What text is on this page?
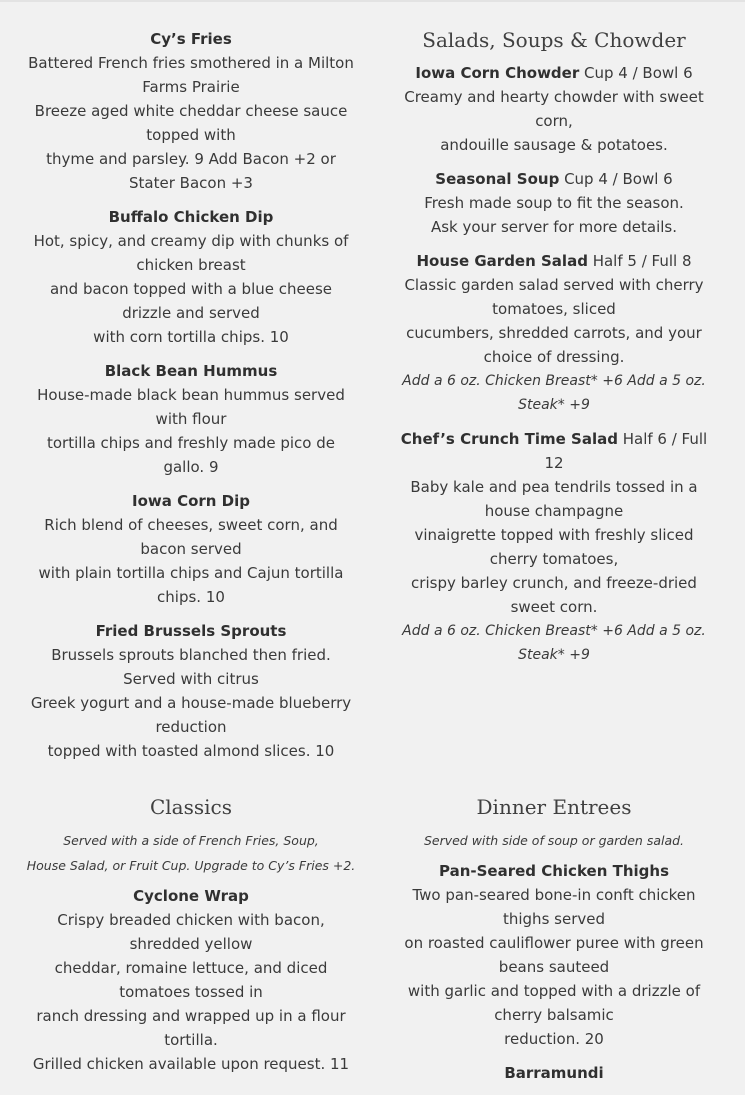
Cy’s Fries

Battered French fries smothered in a Milton Farms Prairie

Breeze aged white cheddar cheese sauce topped with

thyme and parsley. 9 Add Bacon +2 or Stater Bacon +3

Buffalo Chicken Dip

Hot, spicy, and creamy dip with chunks of chicken breast

and bacon topped with a blue cheese drizzle and served

with corn tortilla chips. 10

Black Bean Hummus

House-made black bean hummus served with flour

tortilla chips and freshly made pico de gallo. 9

Iowa Corn Dip

Rich blend of cheeses, sweet corn, and bacon served

with plain tortilla chips and Cajun tortilla chips. 10

Fried Brussels Sprouts

Brussels sprouts blanched then fried. Served with citrus

Greek yogurt and a house-made blueberry reduction

topped with toasted almond slices. 10

Salads, Soups & Chowder

Iowa Corn Chowder Cup 4 / Bowl 6

Creamy and hearty chowder with sweet corn,

andouille sausage & potatoes.

Seasonal Soup Cup 4 / Bowl 6

Fresh made soup to fit the season.

Ask your server for more details.

House Garden Salad Half 5 / Full 8

Classic garden salad served with cherry tomatoes, sliced

cucumbers, shredded carrots, and your choice of dressing.

Add a 6 oz. Chicken Breast* +6 Add a 5 oz. Steak* +9

Chef’s Crunch Time Salad Half 6 / Full 12

Baby kale and pea tendrils tossed in a house champagne

vinaigrette topped with freshly sliced cherry tomatoes,

crispy barley crunch, and freeze-dried sweet corn.

Add a 6 oz. Chicken Breast* +6 Add a 5 oz. Steak* +9

Classics

Served with a side of French Fries, Soup,

House Salad, or Fruit Cup. Upgrade to Cy’s Fries +2.

Cyclone Wrap

Crispy breaded chicken with bacon, shredded yellow

cheddar, romaine lettuce, and diced tomatoes tossed in

ranch dressing and wrapped up in a flour tortilla.

Grilled chicken available upon request. 11

Dinner Entrees

Served with side of soup or garden salad.

Pan-Seared Chicken Thighs

Two pan-seared bone-in conft chicken thighs served

on roasted cauliflower puree with green beans sauteed

with garlic and topped with a drizzle of cherry balsamic

reduction. 20

Barramundi
